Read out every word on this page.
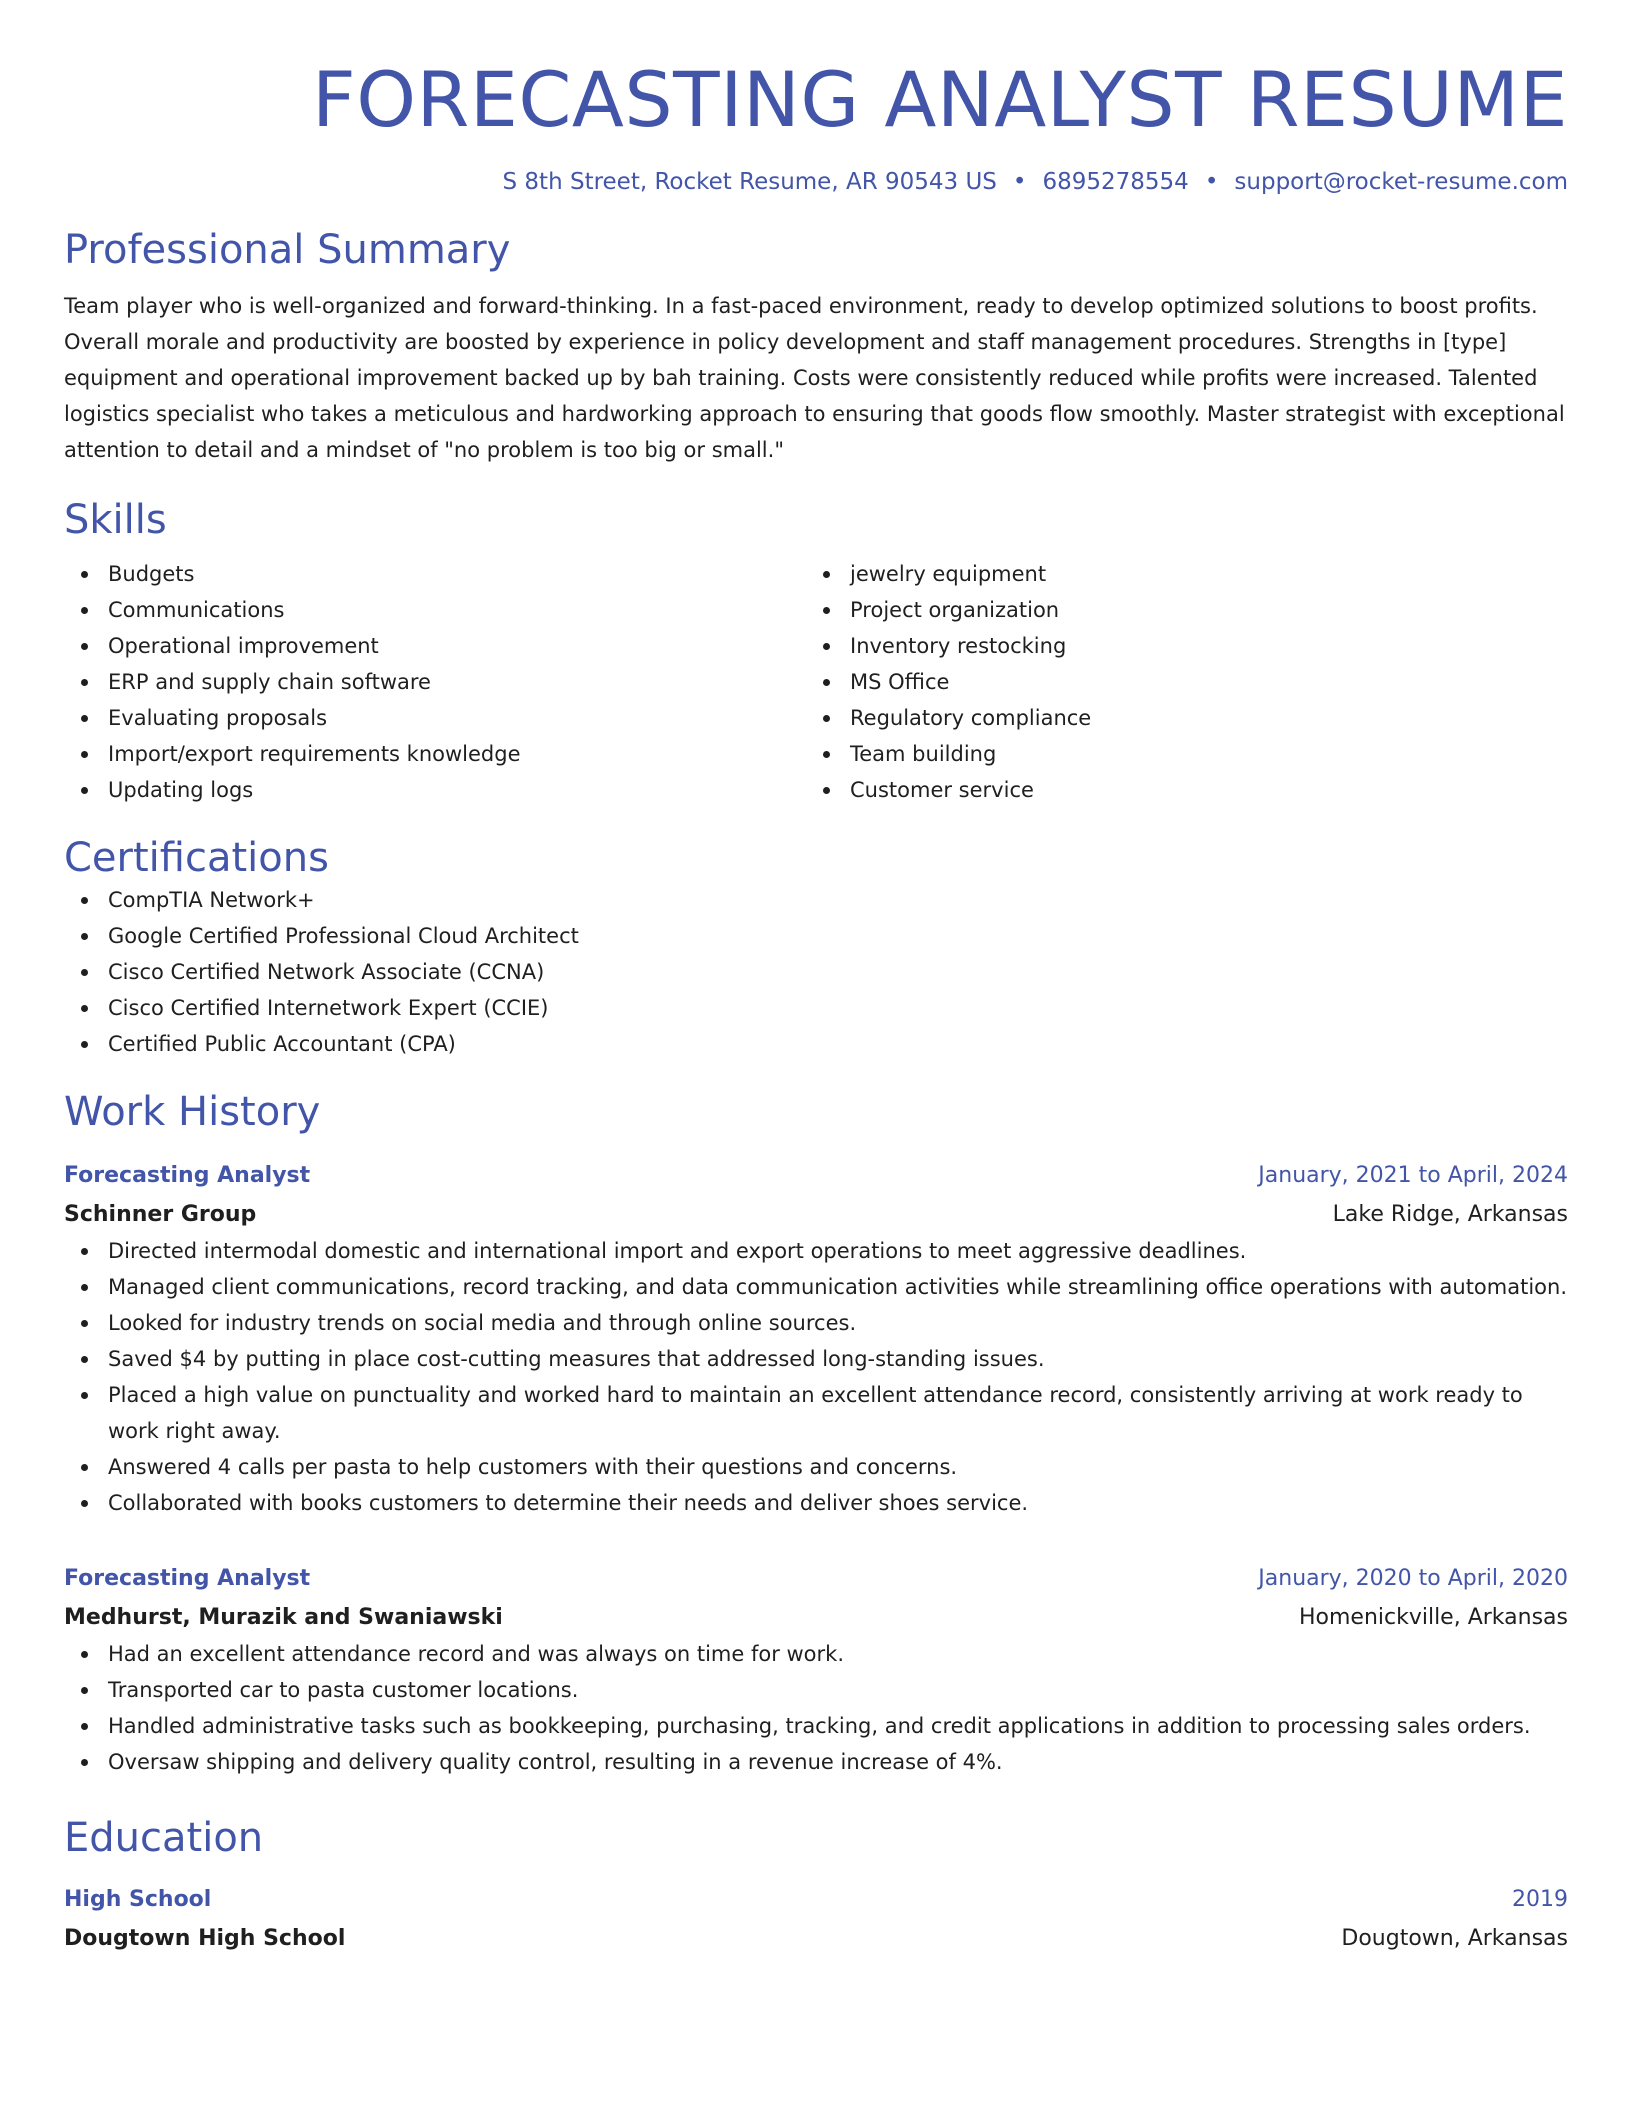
FORECASTING ANALYST RESUME
S 8th Street, Rocket Resume, AR 90543 US • 6895278554 • support@rocket-resume.com
Professional Summary

Team player who is well-organized and forward-thinking. In a fast-paced environment, ready to develop optimized solutions to boost profits. Overall morale and productivity are boosted by experience in policy development and staff management procedures. Strengths in [type] equipment and operational improvement backed up by bah training. Costs were consistently reduced while profits were increased. Talented logistics specialist who takes a meticulous and hardworking approach to ensuring that goods flow smoothly. Master strategist with exceptional attention to detail and a mindset of "no problem is too big or small."

Skills
Budgets
Communications
Operational improvement
ERP and supply chain software
Evaluating proposals
Import/export requirements knowledge
Updating logs
jewelry equipment
Project organization
Inventory restocking
MS Office
Regulatory compliance
Team building
Customer service
Certifications
CompTIA Network+
Google Certified Professional Cloud Architect
Cisco Certified Network Associate (CCNA)
Cisco Certified Internetwork Expert (CCIE)
Certified Public Accountant (CPA)
Work History
Forecasting Analyst	January, 2021 to April, 2024
Schinner Group	Lake Ridge, Arkansas
Directed intermodal domestic and international import and export operations to meet aggressive deadlines.
Managed client communications, record tracking, and data communication activities while streamlining office operations with automation.
Looked for industry trends on social media and through online sources.
Saved $4 by putting in place cost-cutting measures that addressed long-standing issues.
Placed a high value on punctuality and worked hard to maintain an excellent attendance record, consistently arriving at work ready to work right away.
Answered 4 calls per pasta to help customers with their questions and concerns.
Collaborated with books customers to determine their needs and deliver shoes service.
Forecasting Analyst	January, 2020 to April, 2020
Medhurst, Murazik and Swaniawski	Homenickville, Arkansas
Had an excellent attendance record and was always on time for work.
Transported car to pasta customer locations.
Handled administrative tasks such as bookkeeping, purchasing, tracking, and credit applications in addition to processing sales orders.
Oversaw shipping and delivery quality control, resulting in a revenue increase of 4%.
Education
High School	2019
Dougtown High School	Dougtown, Arkansas
